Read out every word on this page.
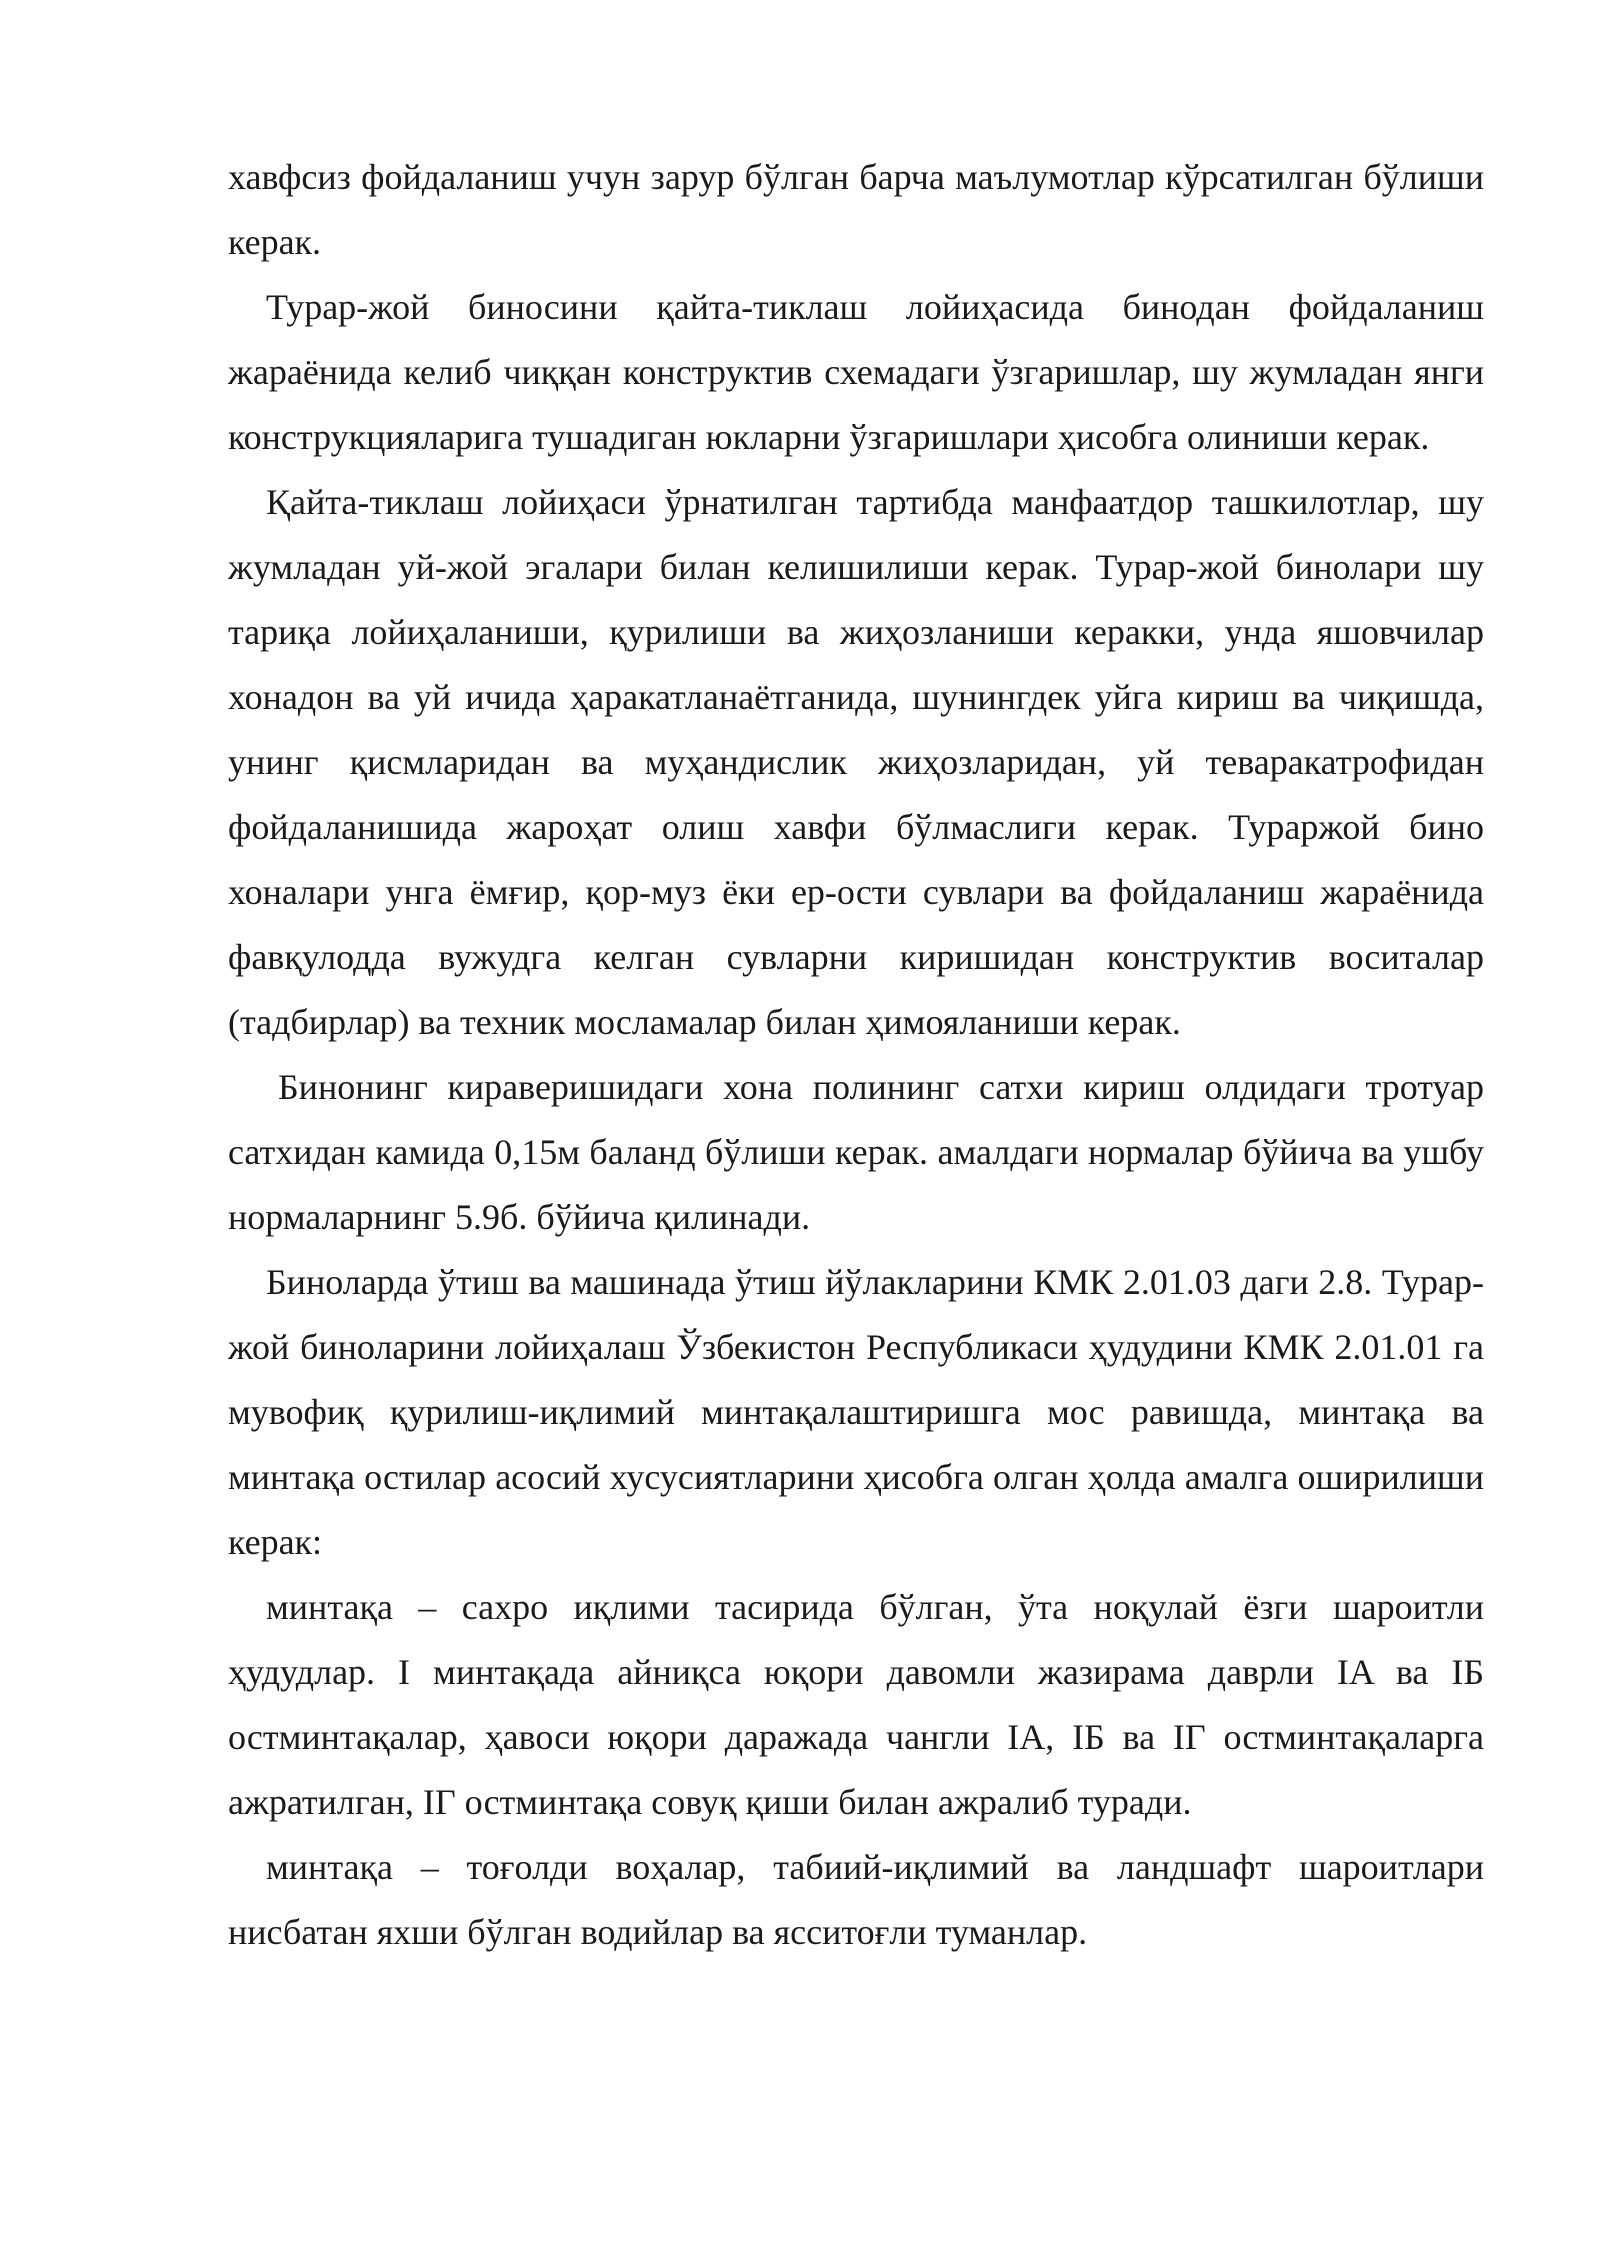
хавфсиз фойдаланиш учун зарур бўлган барча маълумотлар кўрсатилган бўлиши керак.

Турар-жой биносини қайта-тиклаш лойиҳасида бинодан фойдаланиш жараёнида келиб чиққан конструктив схемадаги ўзгаришлар, шу жумладан янги конструкцияларига тушадиган юкларни ўзгаришлари ҳисобга олиниши керак.

Қайта-тиклаш лойиҳаси ўрнатилган тартибда манфаатдор ташкилотлар, шу жумладан уй-жой эгалари билан келишилиши керак. Турар-жой бинолари шу тариқа лойиҳаланиши, қурилиши ва жиҳозланиши керакки, унда яшовчилар хонадон ва уй ичида ҳаракатланаётганида, шунингдек уйга кириш ва чиқишда, унинг қисмларидан ва муҳандислик жиҳозларидан, уй теваракатрофидан фойдаланишида жароҳат олиш хавфи бўлмаслиги керак. Тураржой бино хоналари унга ёмғир, қор-муз ёки ер-ости сувлари ва фойдаланиш жараёнида фавқулодда вужудга келган сувларни киришидан конструктив воситалар (тадбирлар) ва техник мосламалар билан ҳимояланиши керак.

Бинонинг кираверишидаги хона полининг сатхи кириш олдидаги тротуар сатхидан камида 0,15м баланд бўлиши керак. амалдаги нормалар бўйича ва ушбу нормаларнинг 5.9б. бўйича қилинади.

Биноларда ўтиш ва машинада ўтиш йўлакларини КМК 2.01.03 даги 2.8. Турар-жой биноларини лойиҳалаш Ўзбекистон Республикаси ҳудудини КМК 2.01.01 га мувофиқ қурилиш-иқлимий минтақалаштиришга мос равишда, минтақа ва минтақа остилар асосий хусусиятларини ҳисобга олган ҳолда амалга оширилиши керак:

минтақа – сахро иқлими тасирида бўлган, ўта ноқулай ёзги шароитли ҳудудлар. I минтақада айниқса юқори давомли жазирама даврли IA ва IБ остминтақалар, ҳавоси юқори даражада чангли IA, IБ ва IГ остминтақаларга ажратилган, IГ остминтақа совуқ қиши билан ажралиб туради.

минтақа – тоғолди воҳалар, табиий-иқлимий ва ландшафт шароитлари нисбатан яхши бўлган водийлар ва ясситоғли туманлар.
